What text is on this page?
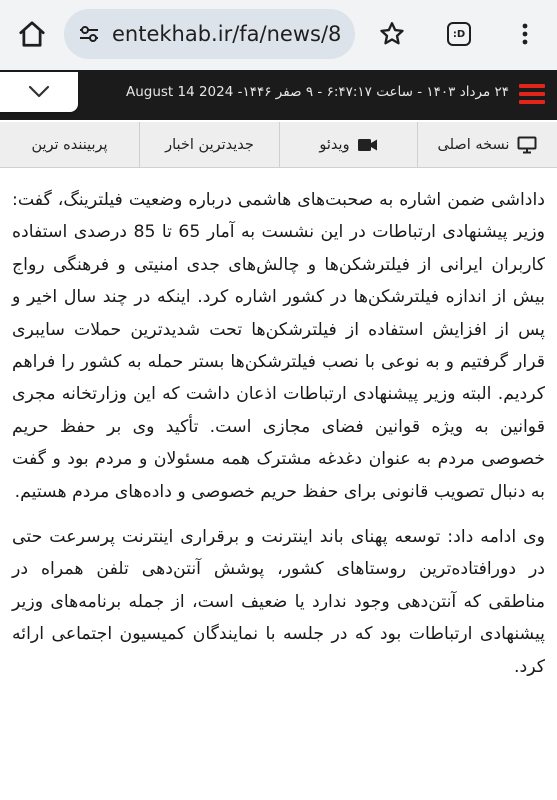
entekhab.ir/fa/news/8	:D
۲۴ مرداد ۱۴۰۳ - ساعت ۶:۴۷:۱۷ - ۹ صفر ۱۴۴۶- 2024 August 14
نسخه اصلی
ویدئو
جدیدترین اخبار
پربیننده ترین

داداشی ضمن اشاره به صحبت‌های هاشمی درباره وضعیت فیلترینگ، گفت: وزیر پیشنهادی ارتباطات در این نشست به آمار 65 تا 85 درصدی استفاده کاربران ایرانی از فیلترشکن‌ها و چالش‌های جدی امنیتی و فرهنگی رواج بیش از اندازه فیلترشکن‌ها در کشور اشاره کرد. اینکه در چند سال اخیر و پس از افزایش استفاده از فیلترشکن‌ها تحت شدیدترین حملات سایبری قرار گرفتیم و به نوعی با نصب فیلترشکن‌ها بستر حمله به کشور را فراهم کردیم. البته وزیر پیشنهادی ارتباطات اذعان داشت که این وزارتخانه مجری قوانین به ویژه قوانین فضای مجازی است. تأکید وی بر حفظ حریم خصوصی مردم به عنوان دغدغه مشترک همه مسئولان و مردم بود و گفت به دنبال تصویب قانونی برای حفظ حریم خصوصی و داده‌های مردم هستیم.

وی ادامه داد: توسعه پهنای باند اینترنت و برقراری اینترنت پرسرعت حتی در دورافتاده‌ترین روستاهای کشور، پوشش آنتن‌دهی تلفن همراه در مناطقی که آنتن‌دهی وجود ندارد یا ضعیف است، از جمله برنامه‌های وزیر پیشنهادی ارتباطات بود که در جلسه با نمایندگان کمیسیون اجتماعی ارائه کرد.
